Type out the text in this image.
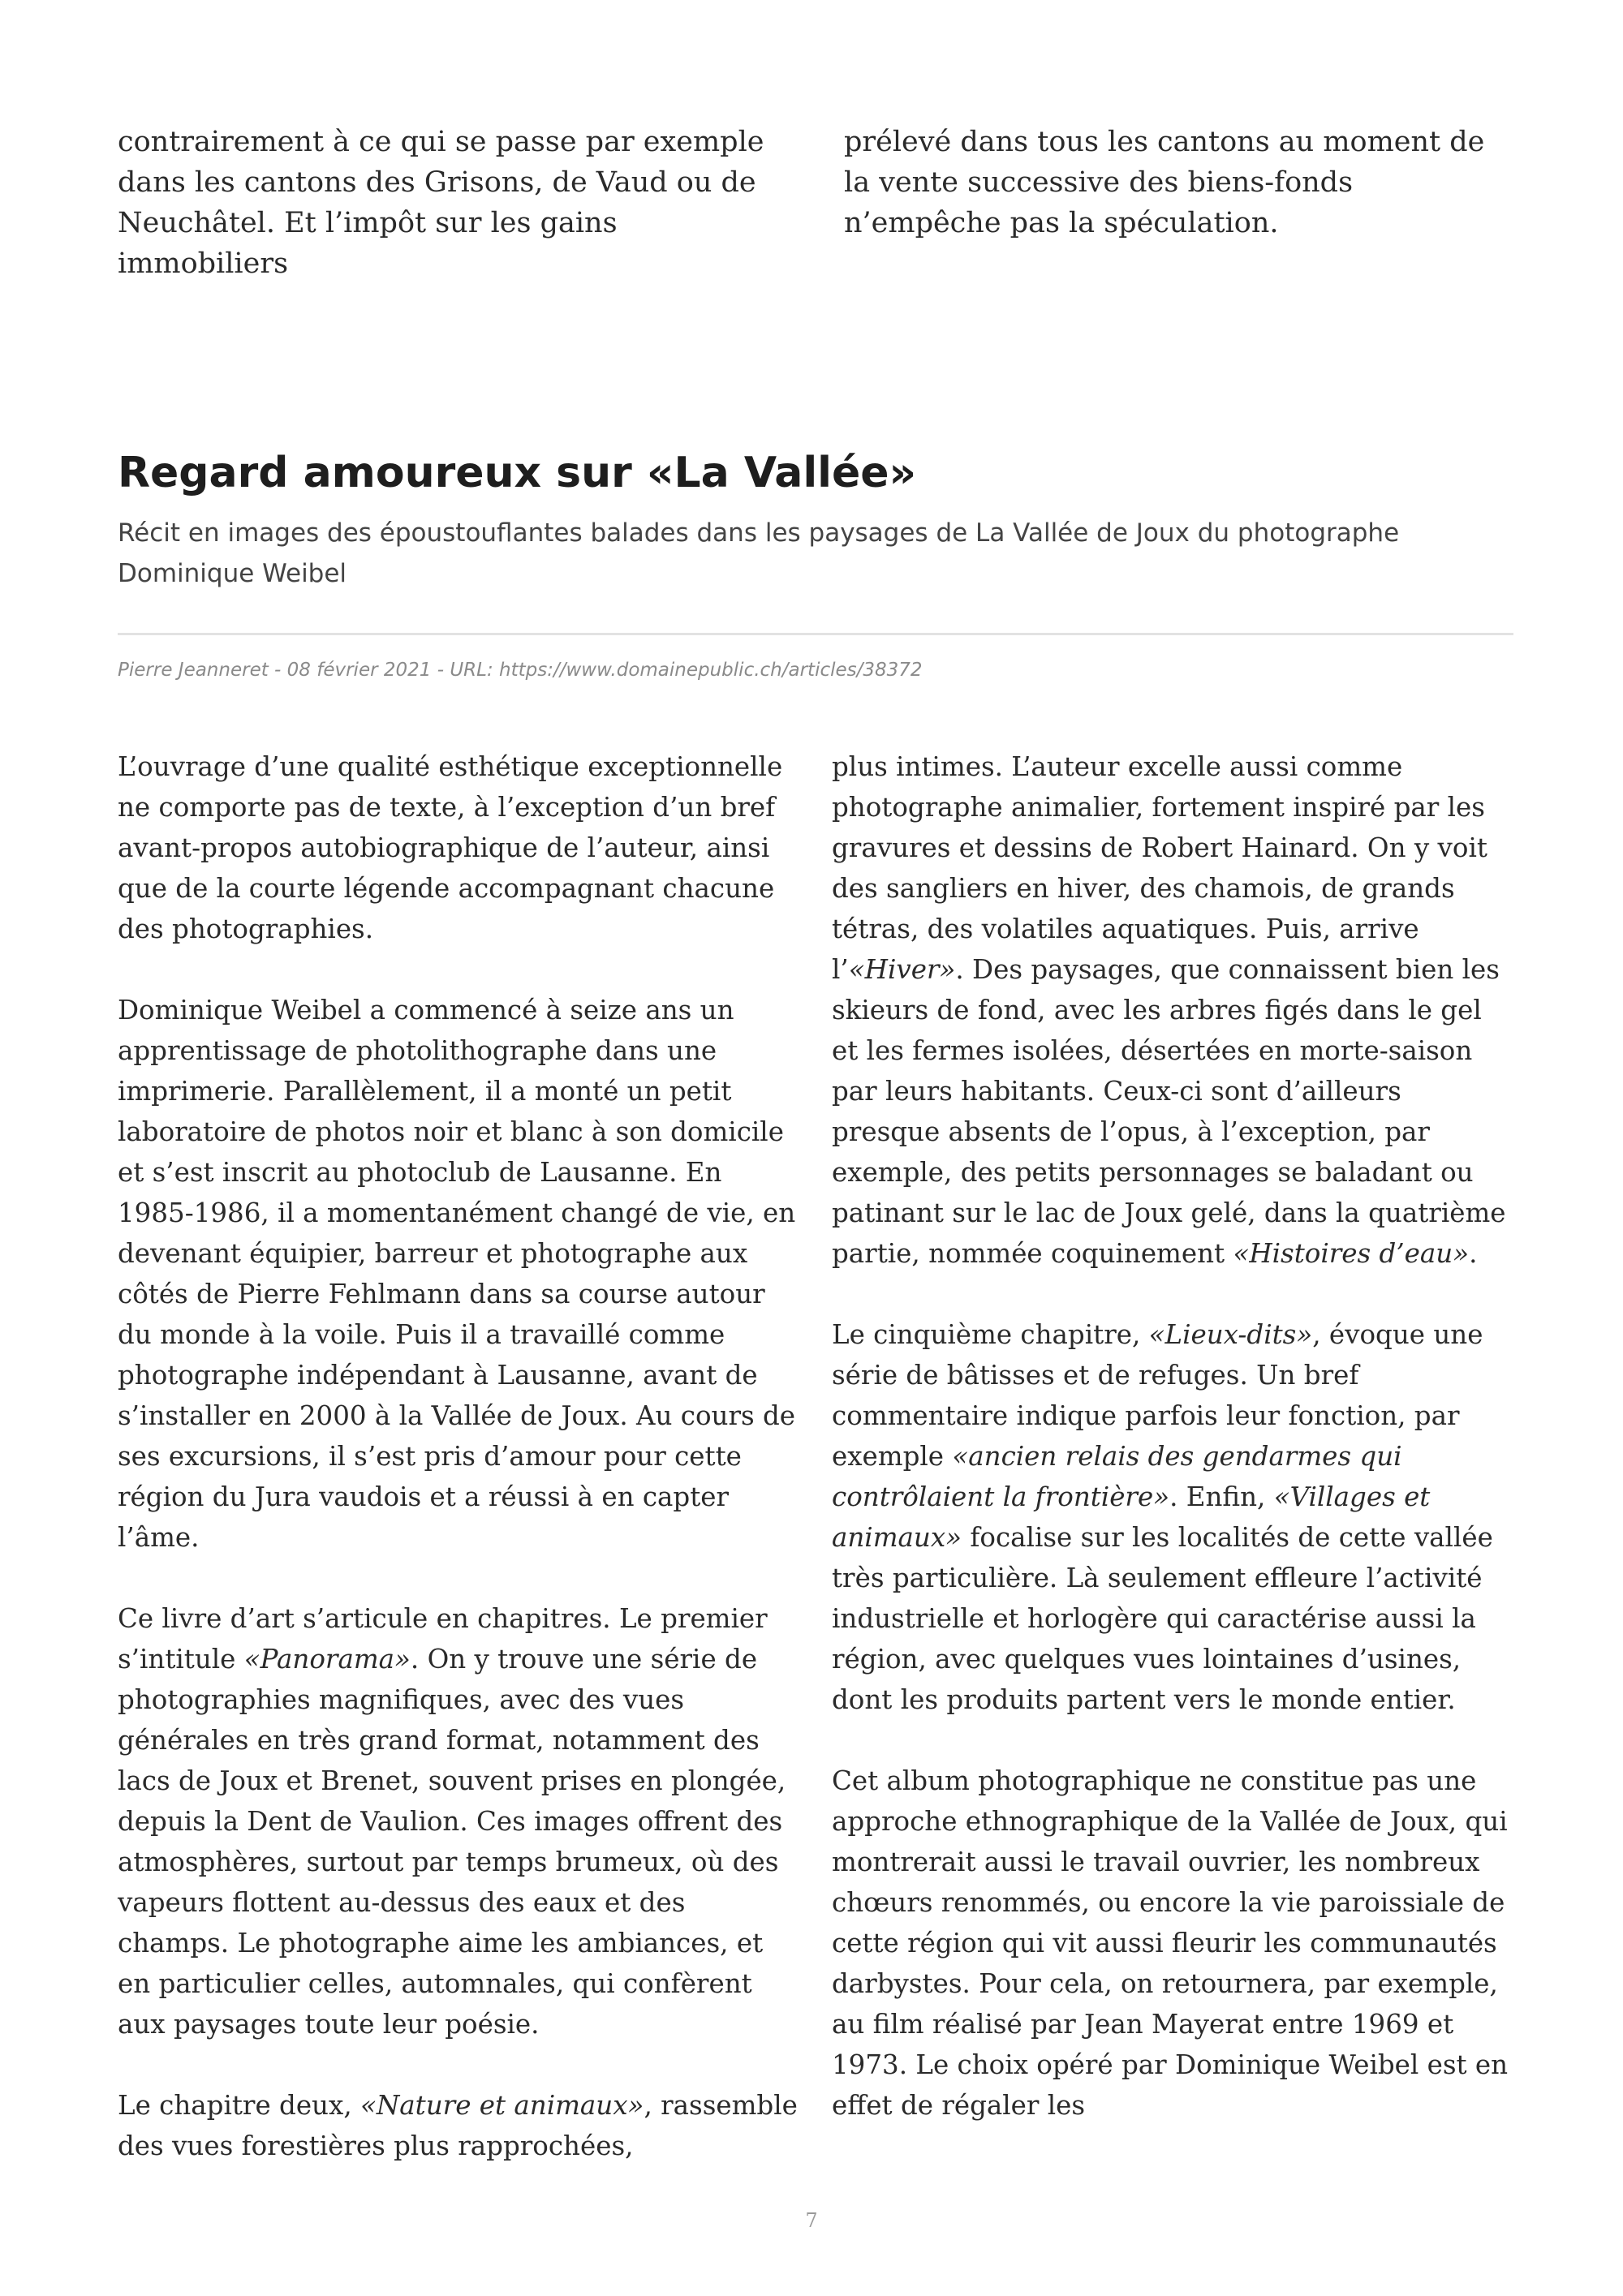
contrairement à ce qui se passe par exemple dans les cantons des Grisons, de Vaud ou de Neuchâtel. Et l’impôt sur les gains immobiliers

prélevé dans tous les cantons au moment de la vente successive des biens-fonds n’empêche pas la spéculation.

Regard amoureux sur «La Vallée»

Récit en images des époustouflantes balades dans les paysages de La Vallée de Joux du photographe Dominique Weibel

Pierre Jeanneret - 08 février 2021 - URL: https://www.domainepublic.ch/articles/38372

L’ouvrage d’une qualité esthétique exceptionnelle ne comporte pas de texte, à l’exception d’un bref avant-propos autobiographique de l’auteur, ainsi que de la courte légende accompagnant chacune des photographies.

Dominique Weibel a commencé à seize ans un apprentissage de photolithographe dans une imprimerie. Parallèlement, il a monté un petit laboratoire de photos noir et blanc à son domicile et s’est inscrit au photoclub de Lausanne. En 1985-1986, il a momentanément changé de vie, en devenant équipier, barreur et photographe aux côtés de Pierre Fehlmann dans sa course autour du monde à la voile. Puis il a travaillé comme photographe indépendant à Lausanne, avant de s’installer en 2000 à la Vallée de Joux. Au cours de ses excursions, il s’est pris d’amour pour cette région du Jura vaudois et a réussi à en capter l’âme.

Ce livre d’art s’articule en chapitres. Le premier s’intitule «Panorama». On y trouve une série de photographies magnifiques, avec des vues générales en très grand format, notamment des lacs de Joux et Brenet, souvent prises en plongée, depuis la Dent de Vaulion. Ces images offrent des atmosphères, surtout par temps brumeux, où des vapeurs flottent au-dessus des eaux et des champs. Le photographe aime les ambiances, et en particulier celles, automnales, qui confèrent aux paysages toute leur poésie.

Le chapitre deux, «Nature et animaux», rassemble des vues forestières plus rapprochées,

plus intimes. L’auteur excelle aussi comme photographe animalier, fortement inspiré par les gravures et dessins de Robert Hainard. On y voit des sangliers en hiver, des chamois, de grands tétras, des volatiles aquatiques. Puis, arrive l’«Hiver». Des paysages, que connaissent bien les skieurs de fond, avec les arbres figés dans le gel et les fermes isolées, désertées en morte-saison par leurs habitants. Ceux-ci sont d’ailleurs presque absents de l’opus, à l’exception, par exemple, des petits personnages se baladant ou patinant sur le lac de Joux gelé, dans la quatrième partie, nommée coquinement «Histoires d’eau».

Le cinquième chapitre, «Lieux-dits», évoque une série de bâtisses et de refuges. Un bref commentaire indique parfois leur fonction, par exemple «ancien relais des gendarmes qui contrôlaient la frontière». Enfin, «Villages et animaux» focalise sur les localités de cette vallée très particulière. Là seulement effleure l’activité industrielle et horlogère qui caractérise aussi la région, avec quelques vues lointaines d’usines, dont les produits partent vers le monde entier.

Cet album photographique ne constitue pas une approche ethnographique de la Vallée de Joux, qui montrerait aussi le travail ouvrier, les nombreux chœurs renommés, ou encore la vie paroissiale de cette région qui vit aussi fleurir les communautés darbystes. Pour cela, on retournera, par exemple, au film réalisé par Jean Mayerat entre 1969 et 1973. Le choix opéré par Dominique Weibel est en effet de régaler les

7
